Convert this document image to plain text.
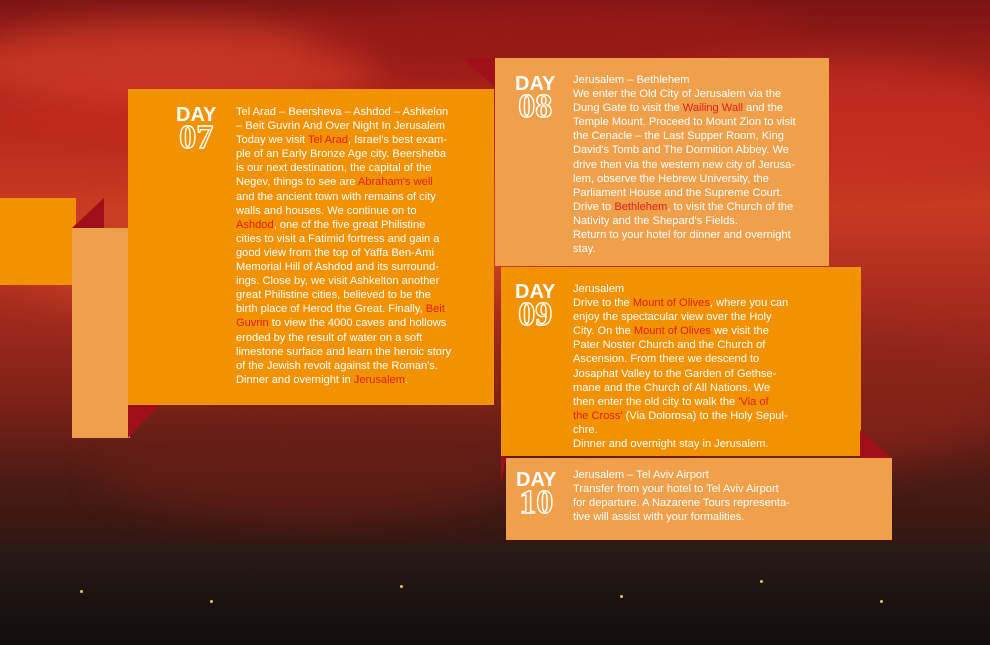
DAY
07
Tel Arad – Beersheva – Ashdod – Ashkelon
– Beit Guvrin And Over Night In Jerusalem
Today we visit Tel Arad, Israel's best exam-
ple of an Early Bronze Age city. Beersheba
is our next destination, the capital of the
Negev, things to see are Abraham's well
and the ancient town with remains of city
walls and houses. We continue on to
Ashdod, one of the five great Philistine
cities to visit a Fatimid fortress and gain a
good view from the top of Yaffa Ben-Ami
Memorial Hill of Ashdod and its surround-
ings. Close by, we visit Ashkelton another
great Philistine cities, believed to be the
birth place of Herod the Great. Finally, Beit
Guvrin to view the 4000 caves and hollows
eroded by the result of water on a soft
limestone surface and learn the heroic story
of the Jewish revolt against the Roman's.
Dinner and overnight in Jerusalem.
DAY
08
Jerusalem – Bethlehem
We enter the Old City of Jerusalem via the
Dung Gate to visit the Wailing Wall and the
Temple Mount. Proceed to Mount Zion to visit
the Cenacle – the Last Supper Room, King
David's Tomb and The Dormition Abbey. We
drive then via the western new city of Jerusa-
lem, observe the Hebrew University, the
Parliament House and the Supreme Court.
Drive to Bethlehem, to visit the Church of the
Nativity and the Shepard's Fields.
Return to your hotel for dinner and overnight
stay.
DAY
09
Jerusalem
Drive to the Mount of Olives, where you can
enjoy the spectacular view over the Holy
City. On the Mount of Olives we visit the
Pater Noster Church and the Church of
Ascension. From there we descend to
Josaphat Valley to the Garden of Gethse-
mane and the Church of All Nations. We
then enter the old city to walk the 'Via of
the Cross' (Via Dolorosa) to the Holy Sepul-
chre.
Dinner and overnight stay in Jerusalem.
DAY
10
Jerusalem – Tel Aviv Airport
Transfer from your hotel to Tel Aviv Airport
for departure. A Nazarene Tours representa-
tive will assist with your formalities.
